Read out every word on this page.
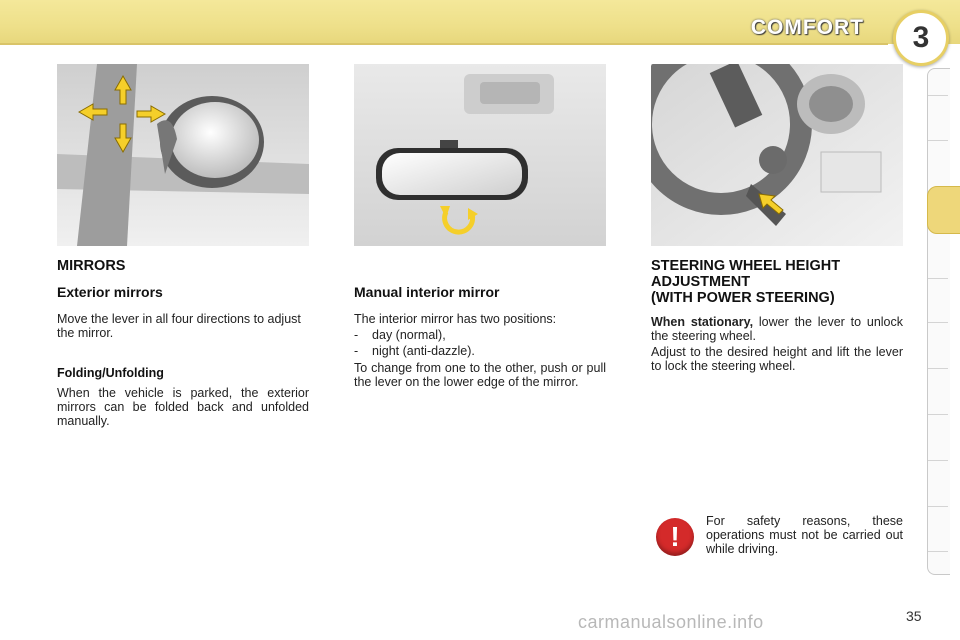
COMFORT	3
MIRRORS
Exterior mirrors

Move the lever in all four directions to adjust the mirror.

Folding/Unfolding

When the vehicle is parked, the exterior mirrors can be folded back and unfolded manually.

Manual interior mirror

The interior mirror has two positions:

-    day (normal),

-    night (anti-dazzle).

To change from one to the other, push or pull the lever on the lower edge of the mirror.

STEERING WHEEL HEIGHT
ADJUSTMENT
(WITH POWER STEERING)

When stationary, lower the lever to unlock the steering wheel.

Adjust to the desired height and lift the lever to lock the steering wheel.

!	For safety reasons, these operations must not be carried out while driving.

35
carmanualsonline.info
